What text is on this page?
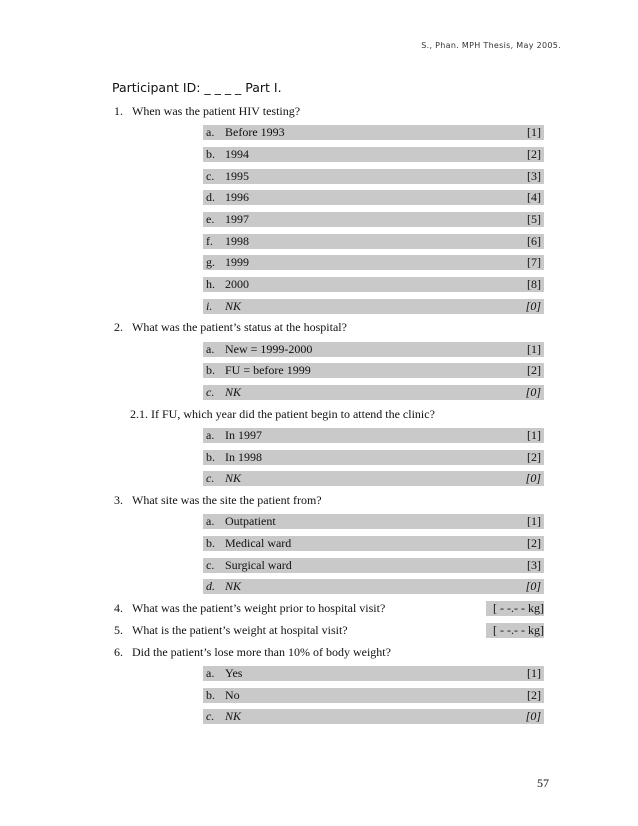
S., Phan. MPH Thesis, May 2005.
Participant ID: _ _ _ _ Part I.
1. When was the patient HIV testing?
a. Before 1993	[1]
b. 1994	[2]
c. 1995	[3]
d. 1996	[4]
e. 1997	[5]
f. 1998	[6]
g. 1999	[7]
h. 2000	[8]
i. NK	[0]
2. What was the patient’s status at the hospital?
a. New = 1999-2000	[1]
b. FU = before 1999	[2]
c. NK	[0]
2.1. If FU, which year did the patient begin to attend the clinic?
a. In 1997	[1]
b. In 1998	[2]
c. NK	[0]
3. What site was the site the patient from?
a. Outpatient	[1]
b. Medical ward	[2]
c. Surgical ward	[3]
d. NK	[0]
4. What was the patient’s weight prior to hospital visit?	[ - -.- - kg]
5. What is the patient’s weight at hospital visit?	[ - -.- - kg]
6. Did the patient’s lose more than 10% of body weight?
a. Yes	[1]
b. No	[2]
c. NK	[0]
57
